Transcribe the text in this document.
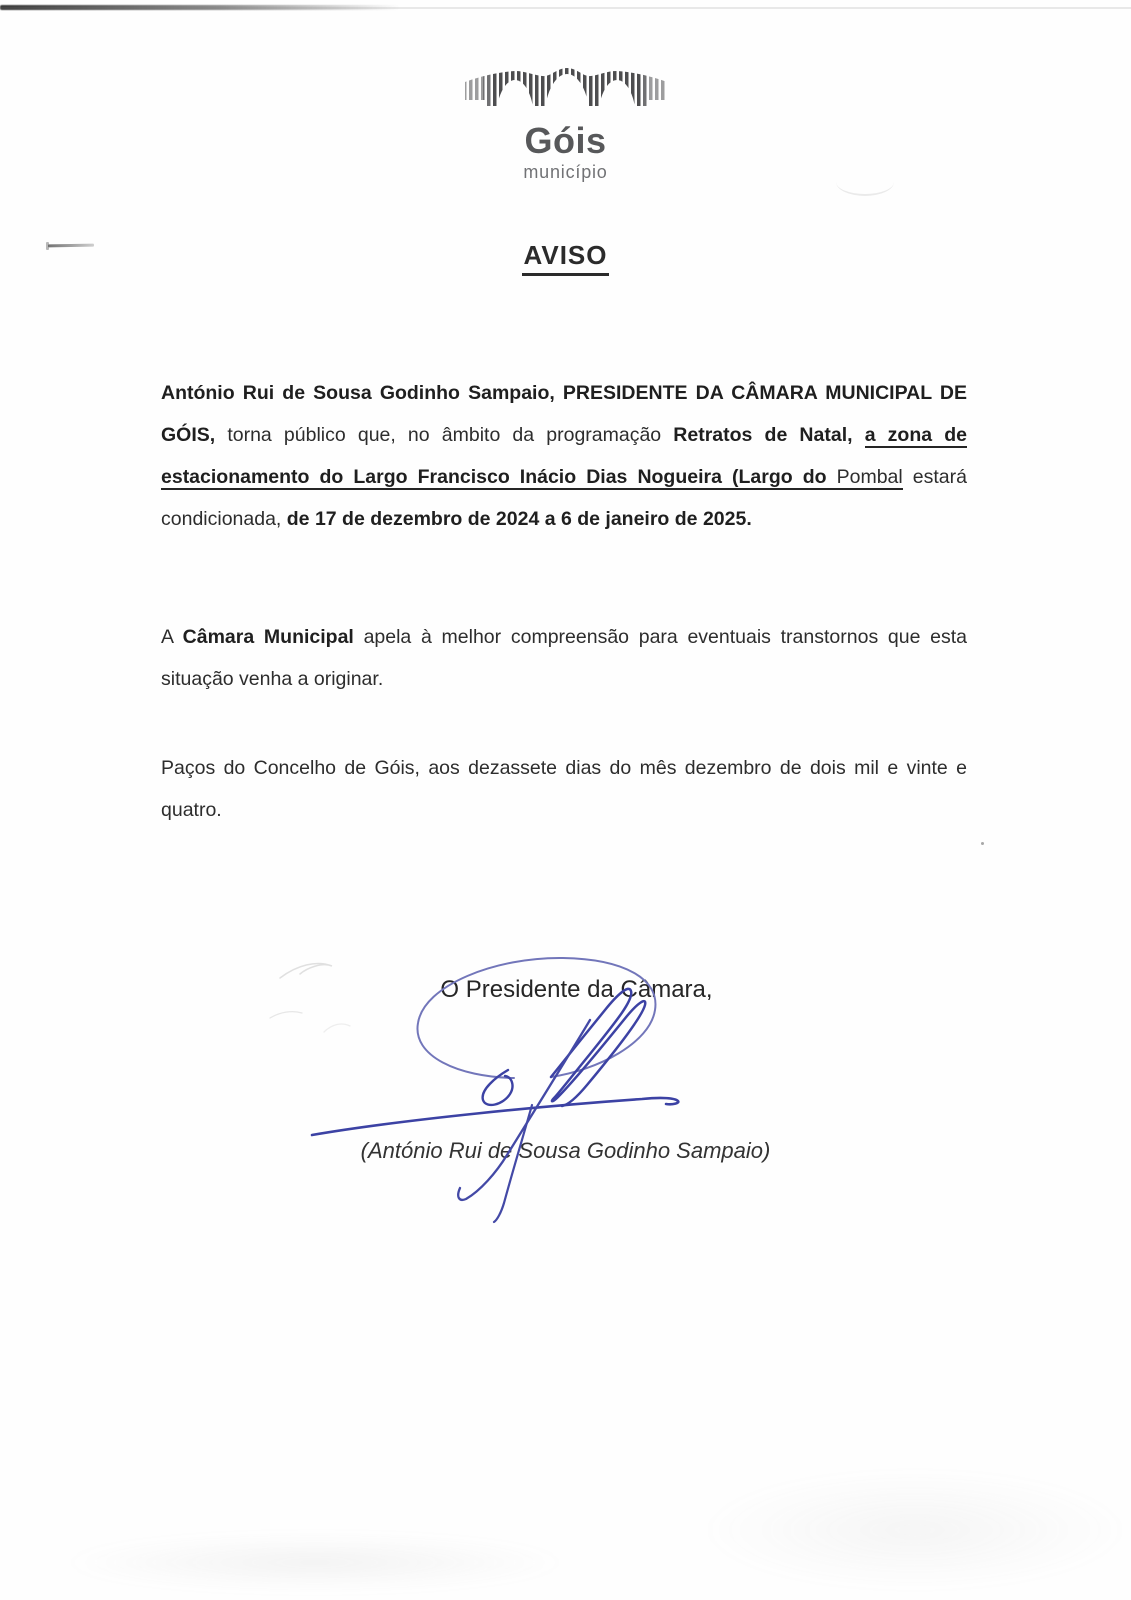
Góis
município
AVISO
António Rui de Sousa Godinho Sampaio, PRESIDENTE DA CÂMARA MUNICIPAL DE
GÓIS, torna público que, no âmbito da programação Retratos de Natal, a zona de
estacionamento do Largo Francisco Inácio Dias Nogueira (Largo do Pombal estará
condicionada, de 17 de dezembro de 2024 a 6 de janeiro de 2025.
A Câmara Municipal apela à melhor compreensão para eventuais transtornos que esta
situação venha a originar.
Paços do Concelho de Góis, aos dezassete dias do mês dezembro de dois mil e vinte e
quatro.
O Presidente da Câmara,
(António Rui de Sousa Godinho Sampaio)
